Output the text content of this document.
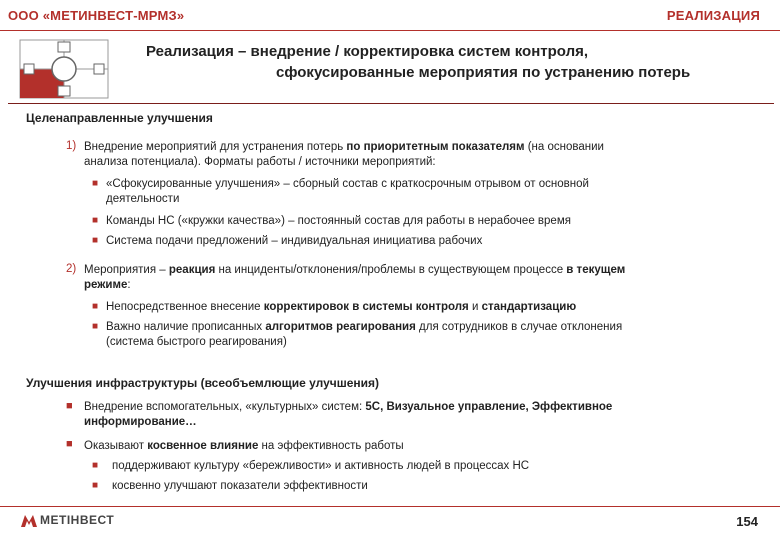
ООО «МЕТИНВЕСТ-МРМЗ»	РЕАЛИЗАЦИЯ
Реализация – внедрение / корректировка систем контроля,
сфокусированные мероприятия по устранению потерь
Целенаправленные улучшения
1) Внедрение мероприятий для устранения потерь по приоритетным показателям (на основании
анализа потенциала). Форматы работы / источники мероприятий:
■ «Сфокусированные улучшения» – сборный состав с краткосрочным отрывом от основной
деятельности
■ Команды НС («кружки качества») – постоянный состав для работы в нерабочее время
■ Система подачи предложений – индивидуальная инициатива рабочих
2) Мероприятия – реакция на инциденты/отклонения/проблемы в существующем процессе в текущем
режиме:
■ Непосредственное внесение корректировок в системы контроля и стандартизацию
■ Важно наличие прописанных алгоритмов реагирования для сотрудников в случае отклонения
(система быстрого реагирования)
Улучшения инфраструктуры (всеобъемлющие улучшения)
■ Внедрение вспомогательных, «культурных» систем: 5С, Визуальное управление, Эффективное
информирование…
■ Оказывают косвенное влияние на эффективность работы
■ поддерживают культуру «бережливости» и активность людей в процессах НС
■ косвенно улучшают показатели эффективности
МЕТІНВЕСТ	154
